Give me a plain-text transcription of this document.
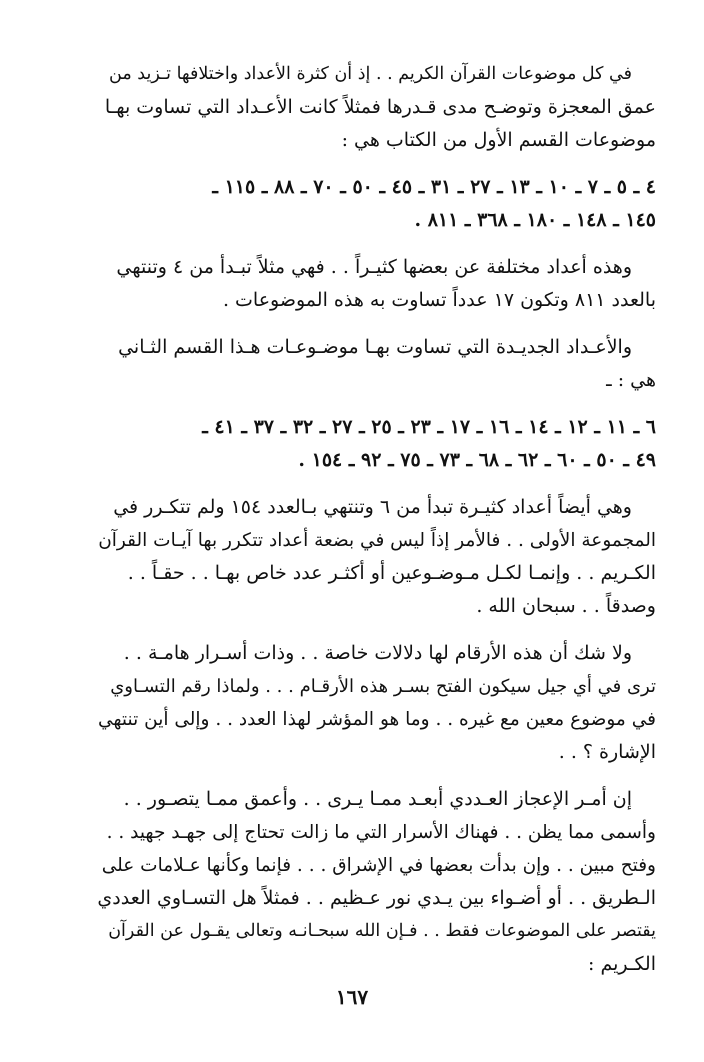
في كل موضوعات القرآن الكريم . . إذ أن كثرة الأعداد واختلافها تـزيد من
عمق المعجزة وتوضـح مدى قـدرها فمثلاً كانت الأعـداد التي تساوت بهـا
موضوعات القسم الأول من الكتاب هي :
٤ ـ ٥ ـ ٧ ـ ١٠ ـ ١٣ ـ ٢٧ ـ ٣١ ـ ٤٥ ـ ٥٠ ـ ٧٠ ـ ٨٨ ـ ١١٥ ـ
١٤٥ ـ ١٤٨ ـ ١٨٠ ـ ٣٦٨ ـ ٨١١ .
وهذه أعداد مختلفة عن بعضها كثيـراً . . فهي مثلاً تبـدأ من ٤ وتنتهي
بالعدد ٨١١ وتكون ١٧ عدداً تساوت به هذه الموضوعات .
والأعـداد الجديـدة التي تساوت بهـا موضـوعـات هـذا القسم الثـاني
هي : ـ
٦ ـ ١١ ـ ١٢ ـ ١٤ ـ ١٦ ـ ١٧ ـ ٢٣ ـ ٢٥ ـ ٢٧ ـ ٣٢ ـ ٣٧ ـ ٤١ ـ
٤٩ ـ ٥٠ ـ ٦٠ ـ ٦٢ ـ ٦٨ ـ ٧٣ ـ ٧٥ ـ ٩٢ ـ ١٥٤ .
وهي أيضاً أعداد كثيـرة تبدأ من ٦ وتنتهي بـالعدد ١٥٤ ولم تتكـرر في
المجموعة الأولى . . فالأمر إذاً ليس في بضعة أعداد تتكرر بها آيـات القرآن
الكـريم . . وإنمـا لكـل مـوضـوعين أو أكثـر عدد خاص بهـا . . حقـاً . .
وصدقاً . . سبحان الله .
ولا شك أن هذه الأرقام لها دلالات خاصة . . وذات أسـرار هامـة . .
ترى في أي جيل سيكون الفتح بسـر هذه الأرقـام . . . ولماذا رقم التسـاوي
في موضوع معين مع غيره . . وما هو المؤشر لهذا العدد . . وإلى أين تنتهي
الإشارة ؟ . .
إن أمـر الإعجاز العـددي أبعـد ممـا يـرى . . وأعمق ممـا يتصـور . .
وأسمى مما يظن . . فهناك الأسرار التي ما زالت تحتاج إلى جهـد جهيد . .
وفتح مبين . . وإن بدأت بعضها في الإشراق . . . فإنما وكأنها عـلامات على
الـطريق . . أو أضـواء بين يـدي نور عـظيم . . فمثلاً هل التسـاوي العددي
يقتصر على الموضوعات فقط . . فـإن الله سبحـانـه وتعالى يقـول عن القرآن
الكـريم :
١٦٧
